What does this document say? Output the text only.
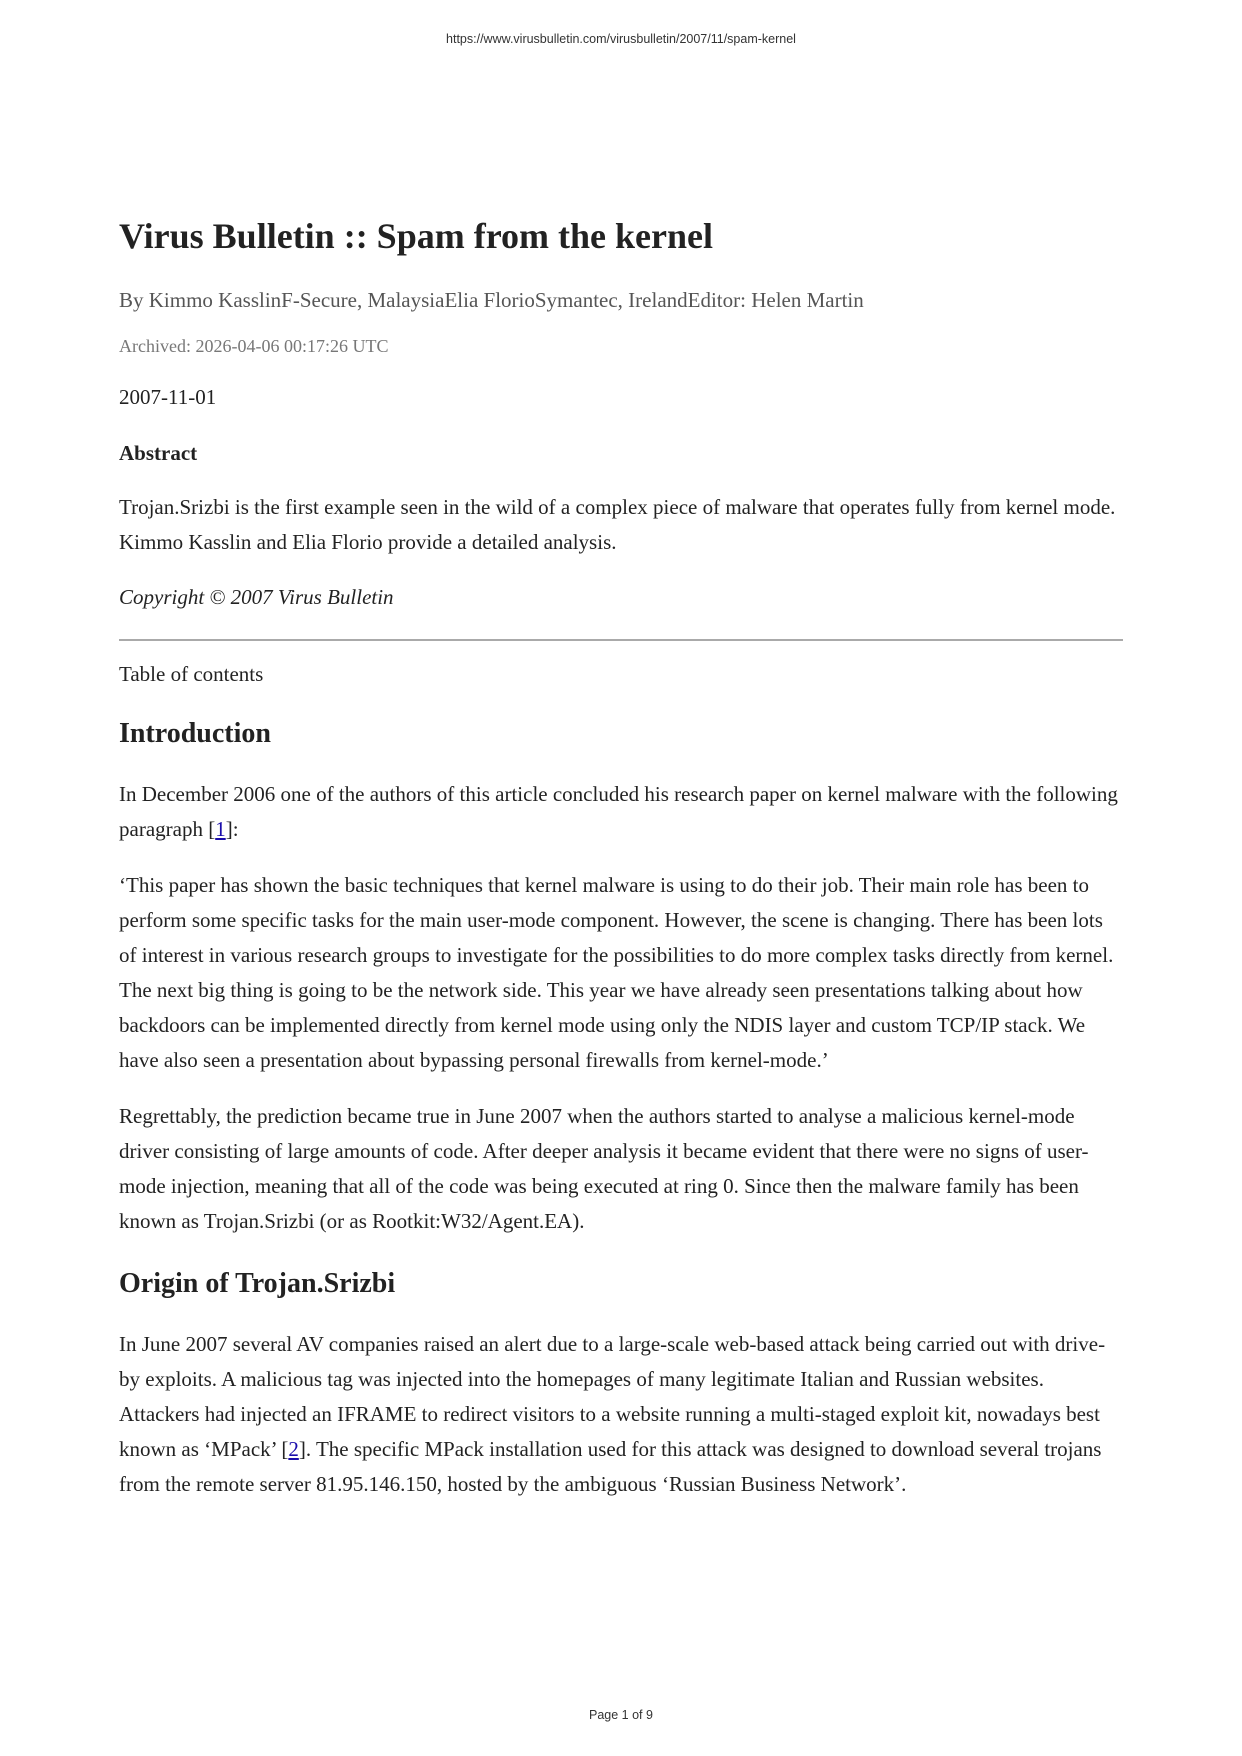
https://www.virusbulletin.com/virusbulletin/2007/11/spam-kernel
Virus Bulletin :: Spam from the kernel
By Kimmo KasslinF-Secure, MalaysiaElia FlorioSymantec, IrelandEditor: Helen Martin
Archived: 2026-04-06 00:17:26 UTC
2007-11-01
Abstract

Trojan.Srizbi is the first example seen in the wild of a complex piece of malware that operates fully from kernel mode. Kimmo Kasslin and Elia Florio provide a detailed analysis.

Copyright © 2007 Virus Bulletin

Table of contents
Introduction

In December 2006 one of the authors of this article concluded his research paper on kernel malware with the following paragraph [1]:

‘This paper has shown the basic techniques that kernel malware is using to do their job. Their main role has been to perform some specific tasks for the main user-mode component. However, the scene is changing. There has been lots of interest in various research groups to investigate for the possibilities to do more complex tasks directly from kernel. The next big thing is going to be the network side. This year we have already seen presentations talking about how backdoors can be implemented directly from kernel mode using only the NDIS layer and custom TCP/IP stack. We have also seen a presentation about bypassing personal firewalls from kernel-mode.’

Regrettably, the prediction became true in June 2007 when the authors started to analyse a malicious kernel-mode driver consisting of large amounts of code. After deeper analysis it became evident that there were no signs of user-mode injection, meaning that all of the code was being executed at ring 0. Since then the malware family has been known as Trojan.Srizbi (or as Rootkit:W32/Agent.EA).

Origin of Trojan.Srizbi

In June 2007 several AV companies raised an alert due to a large-scale web-based attack being carried out with drive-by exploits. A malicious tag was injected into the homepages of many legitimate Italian and Russian websites. Attackers had injected an IFRAME to redirect visitors to a website running a multi-staged exploit kit, nowadays best known as ‘MPack’ [2]. The specific MPack installation used for this attack was designed to download several trojans from the remote server 81.95.146.150, hosted by the ambiguous ‘Russian Business Network’.

Page 1 of 9
